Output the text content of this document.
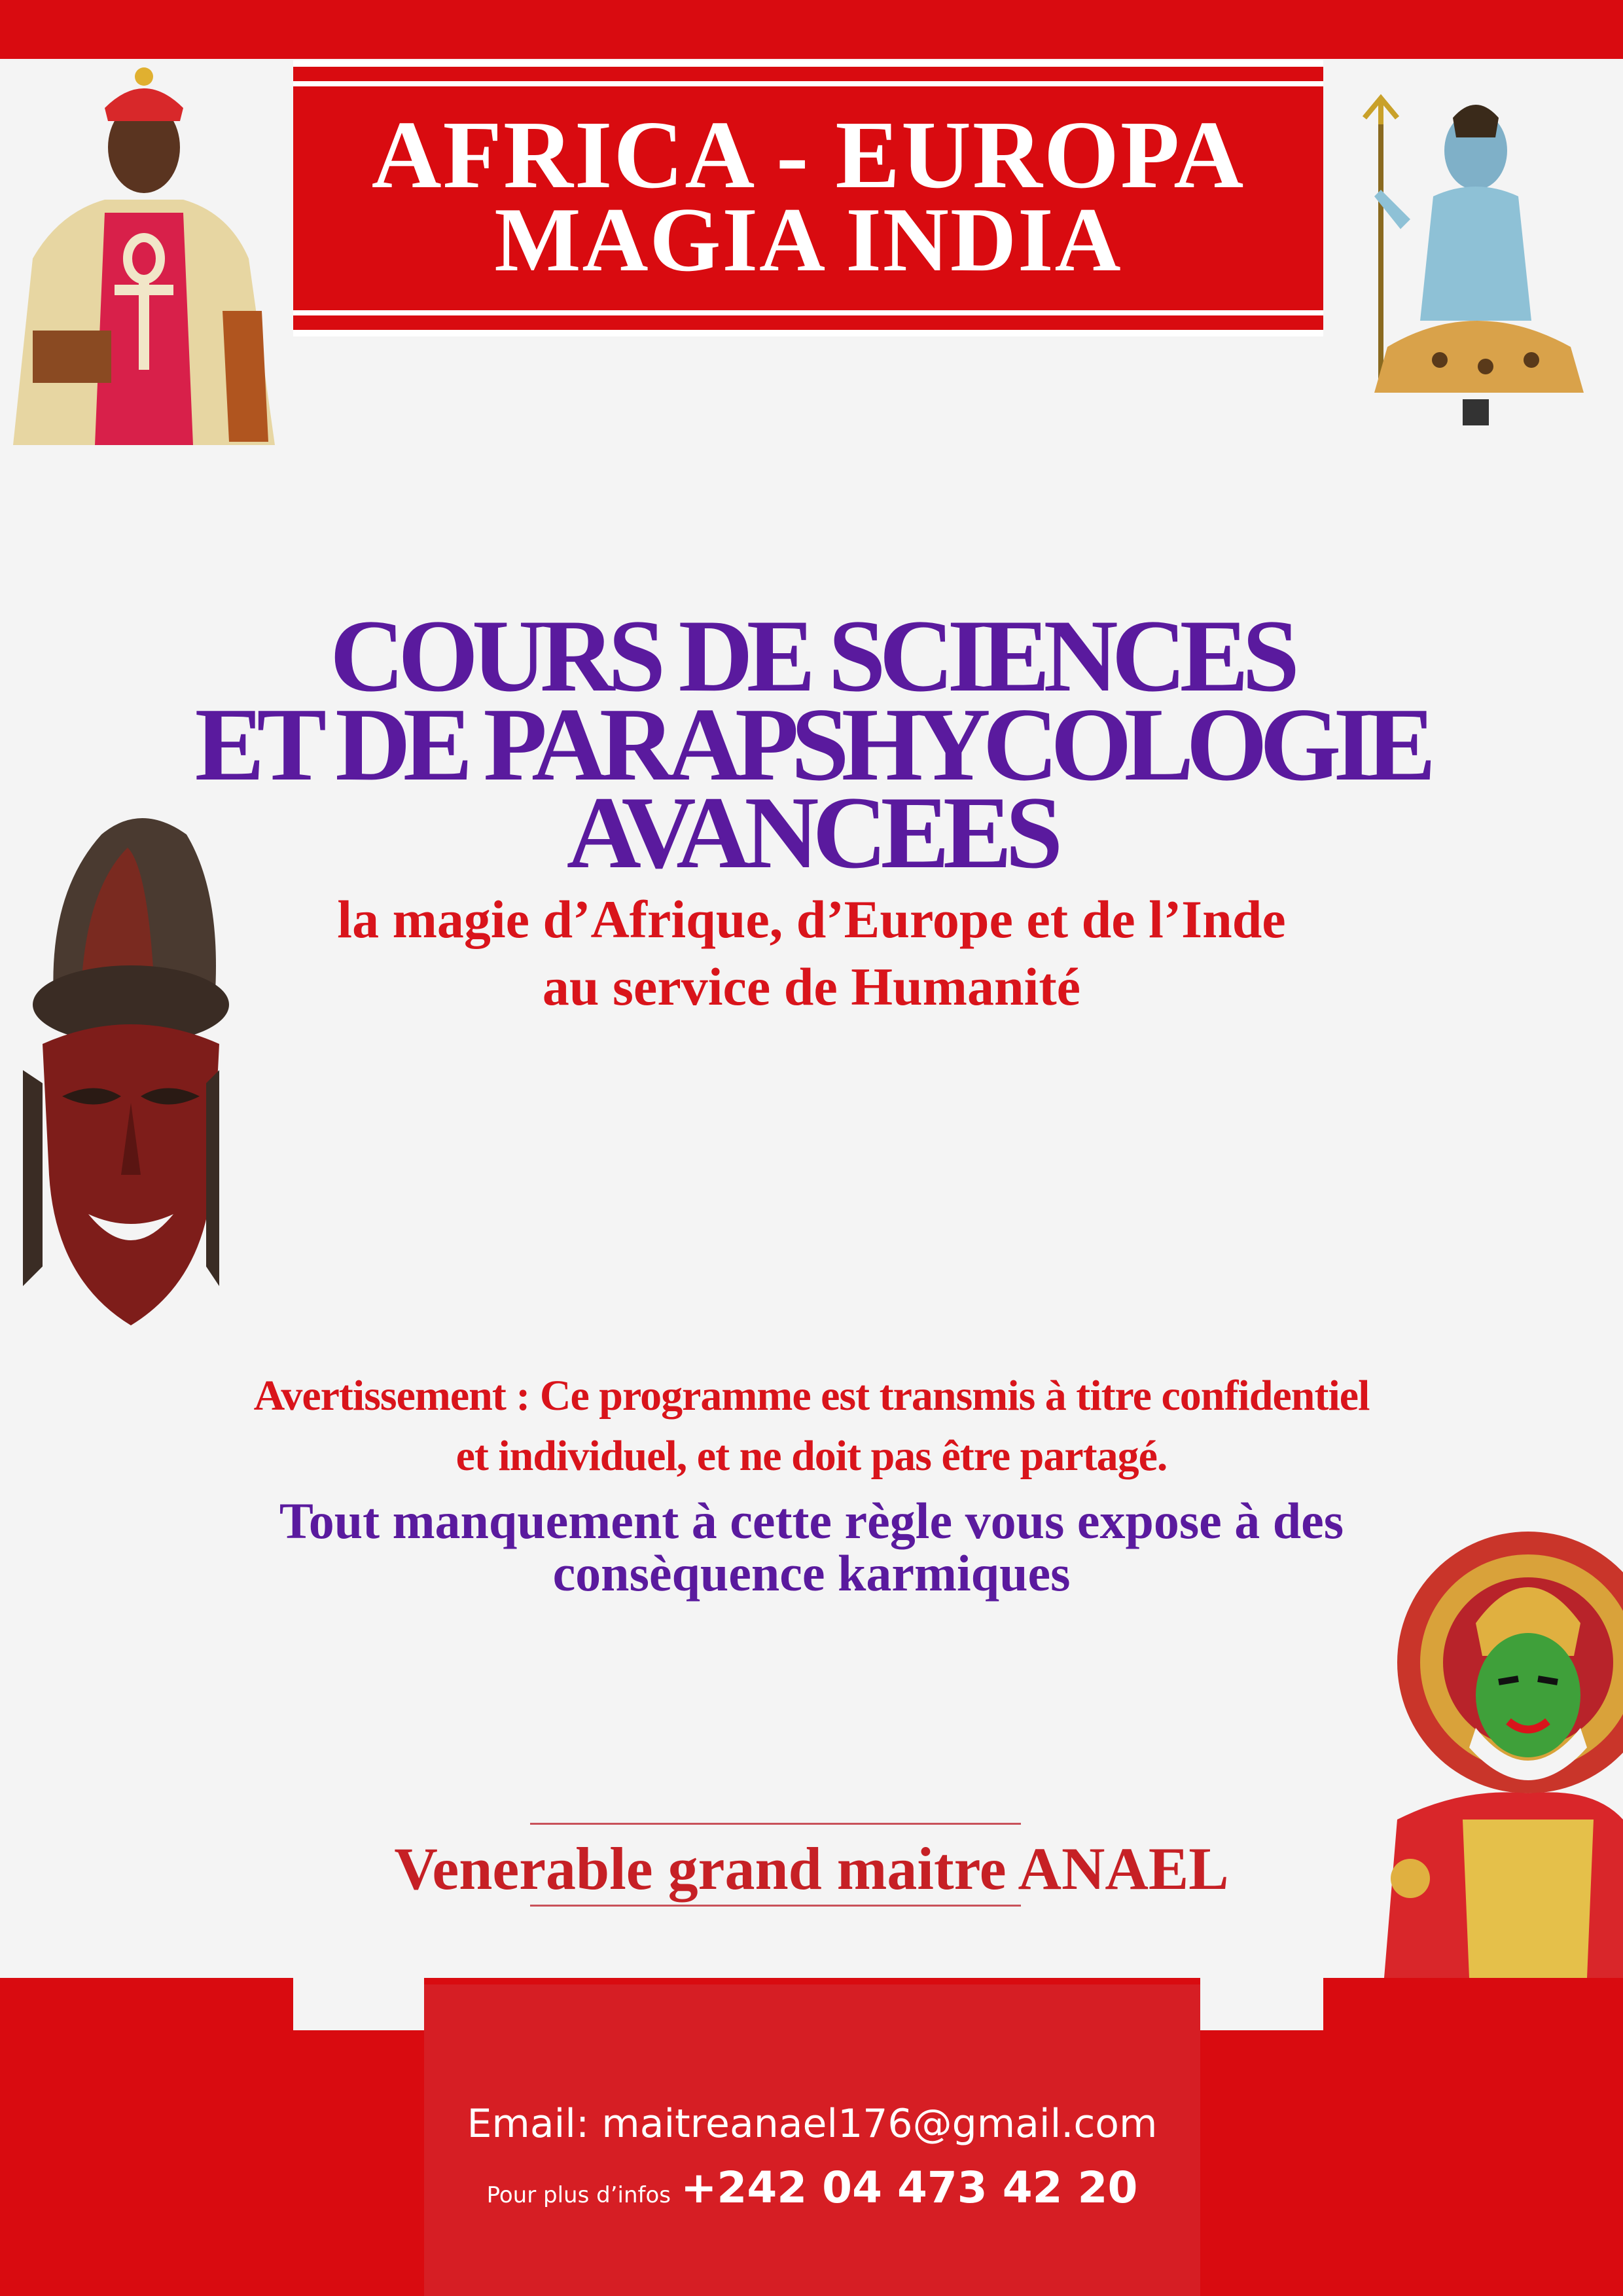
AFRICA - EUROPA
MAGIA INDIA
COURS DE SCIENCES
ET DE PARAPSHYCOLOGIE
AVANCEES
la magie d’Afrique, d’Europe et de l’Inde
au service de Humanité
Avertissement : Ce programme est transmis à titre confidentiel
et individuel, et ne doit pas être partagé.
Tout manquement à cette règle vous expose à des
consèquence karmiques
Venerable grand maitre ANAEL
Email: maitreanael176@gmail.com
Pour plus d’infos +242 04 473 42 20
